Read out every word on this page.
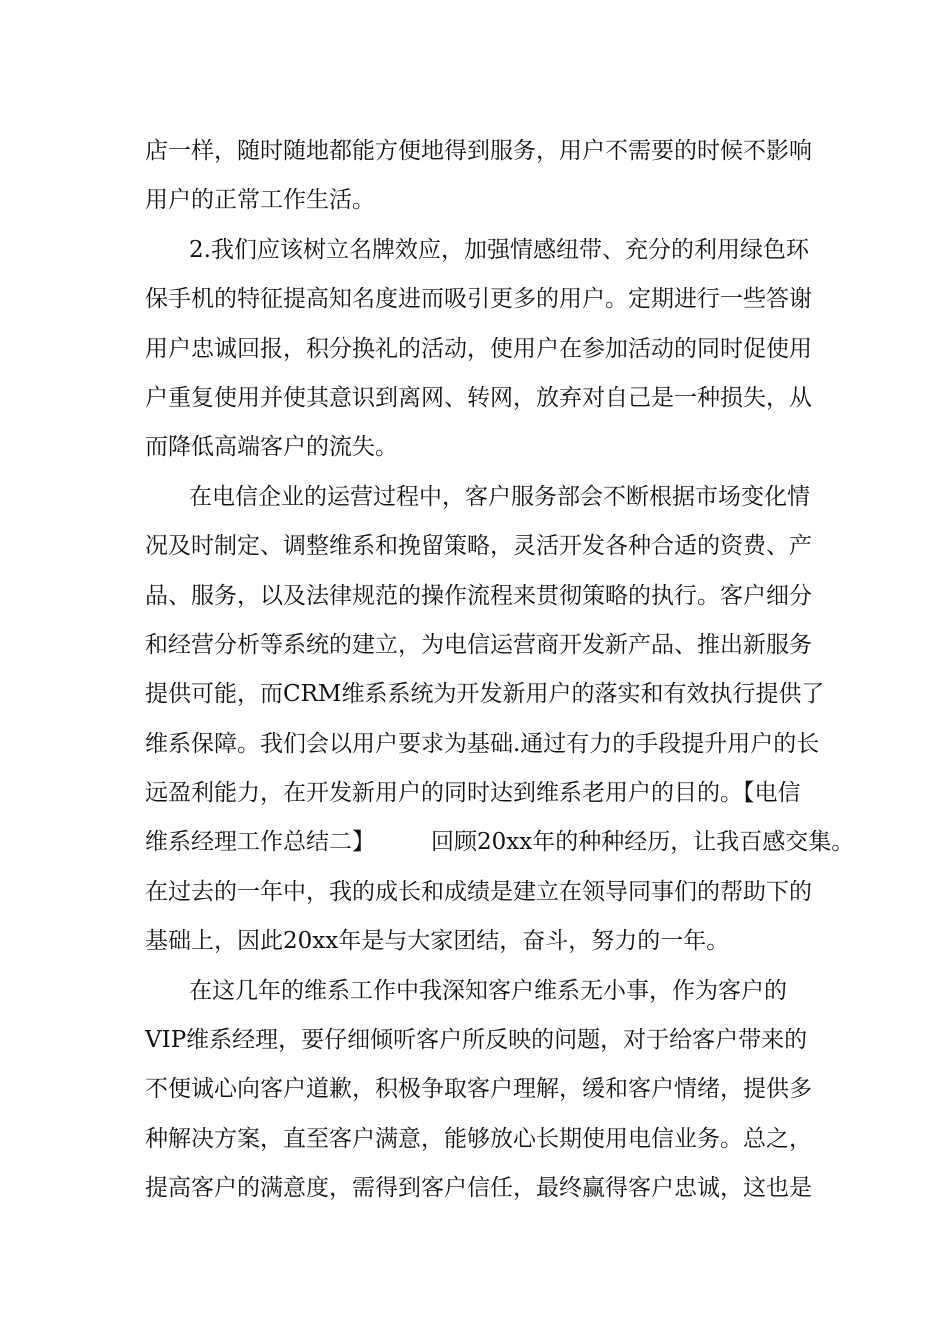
店一样，随时随地都能方便地得到服务，用户不需要的时候不影响
用户的正常工作生活。
2.我们应该树立名牌效应，加强情感纽带、充分的利用绿色环
保手机的特征提高知名度进而吸引更多的用户。定期进行一些答谢
用户忠诚回报，积分换礼的活动，使用户在参加活动的同时促使用
户重复使用并使其意识到离网、转网，放弃对自己是一种损失，从
而降低高端客户的流失。
在电信企业的运营过程中，客户服务部会不断根据市场变化情
况及时制定、调整维系和挽留策略，灵活开发各种合适的资费、产
品、服务，以及法律规范的操作流程来贯彻策略的执行。客户细分
和经营分析等系统的建立，为电信运营商开发新产品、推出新服务
提供可能，而CRM维系系统为开发新用户的落实和有效执行提供了
维系保障。我们会以用户要求为基础.通过有力的手段提升用户的长
远盈利能力，在开发新用户的同时达到维系老用户的目的。【电信
维系经理工作总结二】 回顾20xx年的种种经历，让我百感交集。
在过去的一年中，我的成长和成绩是建立在领导同事们的帮助下的
基础上，因此20xx年是与大家团结，奋斗，努力的一年。
在这几年的维系工作中我深知客户维系无小事，作为客户的
VIP维系经理，要仔细倾听客户所反映的问题，对于给客户带来的
不便诚心向客户道歉，积极争取客户理解，缓和客户情绪，提供多
种解决方案，直至客户满意，能够放心长期使用电信业务。总之，
提高客户的满意度，需得到客户信任，最终赢得客户忠诚，这也是
